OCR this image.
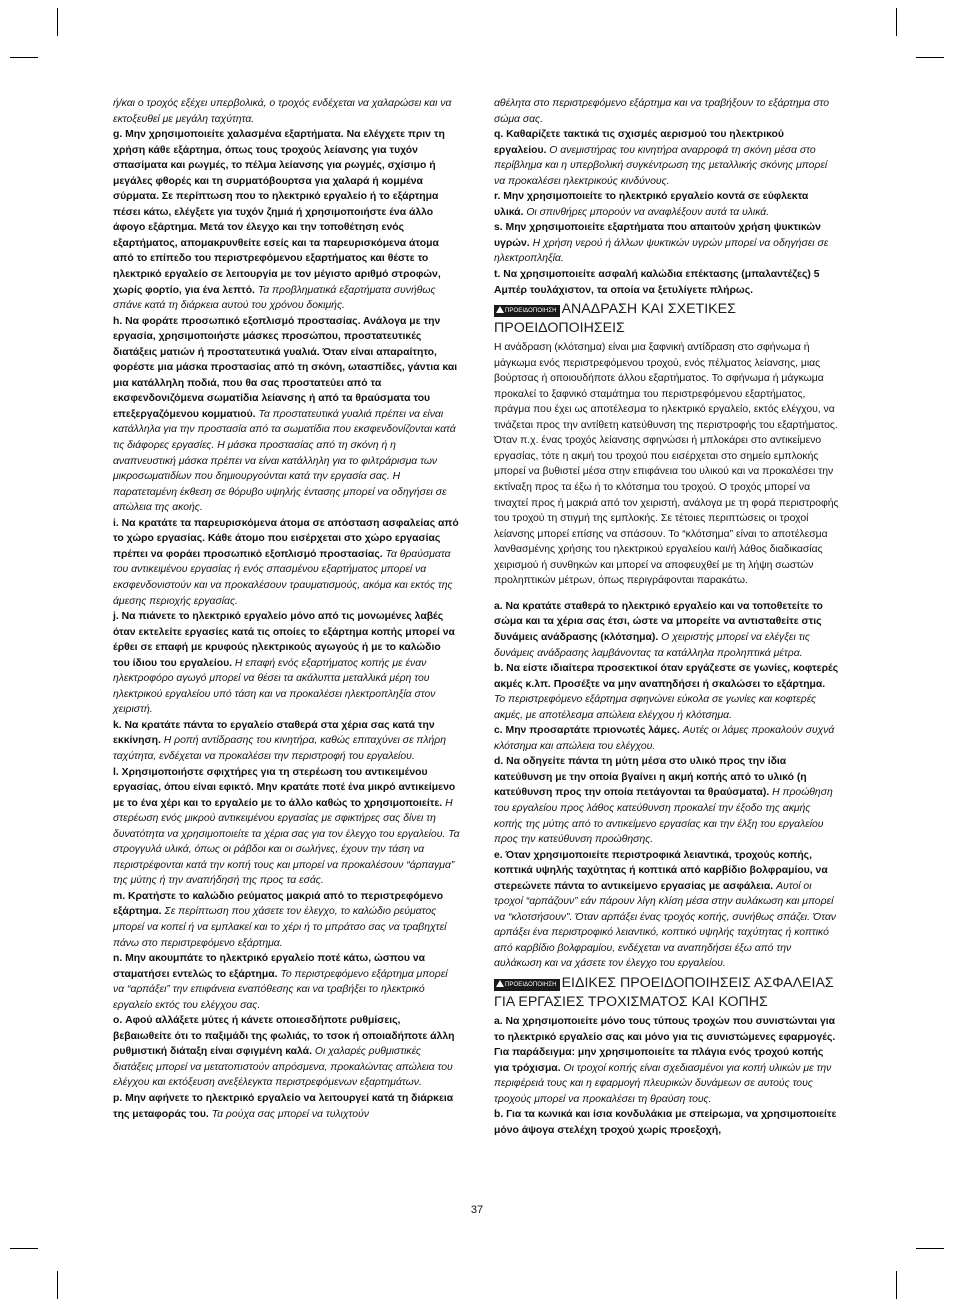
ή/και ο τροχός εξέχει υπερβολικά, ο τροχός ενδέχεται να χαλαρώσει και να εκτοξευθεί με μεγάλη ταχύτητα.

g. Μην χρησιμοποιείτε χαλασμένα εξαρτήματα. Να ελέγχετε πριν τη χρήση κάθε εξάρτημα, όπως τους τροχούς λείανσης για τυχόν σπασίματα και ρωγμές, το πέλμα λείανσης για ρωγμές, σχίσιμο ή μεγάλες φθορές και τη συρματόβουρτσα για χαλαρά ή κομμένα σύρματα. Σε περίπτωση που το ηλεκτρικό εργαλείο ή το εξάρτημα πέσει κάτω, ελέγξετε για τυχόν ζημιά ή χρησιμοποιήστε ένα άλλο άφογο εξάρτημα. Μετά τον έλεγχο και την τοποθέτηση ενός εξαρτήματος, απομακρυνθείτε εσείς και τα παρευρισκόμενα άτομα από το επίπεδο του περιστρεφόμενου εξαρτήματος και θέστε το ηλεκτρικό εργαλείο σε λειτουργία με τον μέγιστο αριθμό στροφών, χωρίς φορτίο, για ένα λεπτό. Τα προβληματικά εξαρτήματα συνήθως σπάνε κατά τη διάρκεια αυτού του χρόνου δοκιμής.

h. Να φοράτε προσωπικό εξοπλισμό προστασίας. Ανάλογα με την εργασία, χρησιμοποιήστε μάσκες προσώπου, προστατευτικές διατάξεις ματιών ή προστατευτικά γυαλιά. Όταν είναι απαραίτητο, φορέστε μια μάσκα προστασίας από τη σκόνη, ωτασπίδες, γάντια και μια κατάλληλη ποδιά, που θα σας προστατεύει από τα εκσφενδονιζόμενα σωματίδια λείανσης ή από τα θραύσματα του επεξεργαζόμενου κομματιού. Τα προστατευτικά γυαλιά πρέπει να είναι κατάλληλα για την προστασία από τα σωματίδια που εκσφενδονίζονται κατά τις διάφορες εργασίες. Η μάσκα προστασίας από τη σκόνη ή η αναπνευστική μάσκα πρέπει να είναι κατάλληλη για το φιλτράρισμα των μικροσωματιδίων που δημιουργούνται κατά την εργασία σας. Η παρατεταμένη έκθεση σε θόρυβο υψηλής έντασης μπορεί να οδηγήσει σε απώλεια της ακοής.

i. Να κρατάτε τα παρευρισκόμενα άτομα σε απόσταση ασφαλείας από το χώρο εργασίας. Κάθε άτομο που εισέρχεται στο χώρο εργασίας πρέπει να φοράει προσωπικό εξοπλισμό προστασίας. Τα θραύσματα του αντικειμένου εργασίας ή ενός σπασμένου εξαρτήματος μπορεί να εκσφενδονιστούν και να προκαλέσουν τραυματισμούς, ακόμα και εκτός της άμεσης περιοχής εργασίας.

j. Να πιάνετε το ηλεκτρικό εργαλείο μόνο από τις μονωμένες λαβές όταν εκτελείτε εργασίες κατά τις οποίες το εξάρτημα κοπής μπορεί να έρθει σε επαφή με κρυφούς ηλεκτρικούς αγωγούς ή με το καλώδιο του ίδιου του εργαλείου. Η επαφή ενός εξαρτήματος κοπής με έναν ηλεκτροφόρο αγωγό μπορεί να θέσει τα ακάλυπτα μεταλλικά μέρη του ηλεκτρικού εργαλείου υπό τάση και να προκαλέσει ηλεκτροπληξία στον χειριστή.

k. Να κρατάτε πάντα το εργαλείο σταθερά στα χέρια σας κατά την εκκίνηση. Η ροπή αντίδρασης του κινητήρα, καθώς επιταχύνει σε πλήρη ταχύτητα, ενδέχεται να προκαλέσει την περιστροφή του εργαλείου.

l. Χρησιμοποιήστε σφιχτήρες για τη στερέωση του αντικειμένου εργασίας, όπου είναι εφικτό. Μην κρατάτε ποτέ ένα μικρό αντικείμενο με το ένα χέρι και το εργαλείο με το άλλο καθώς το χρησιμοποιείτε. Η στερέωση ενός μικρού αντικειμένου εργασίας με σφικτήρες σας δίνει τη δυνατότητα να χρησιμοποιείτε τα χέρια σας για τον έλεγχο του εργαλείου. Τα στρογγυλά υλικά, όπως οι ράβδοι και οι σωλήνες, έχουν την τάση να περιστρέφονται κατά την κοπή τους και μπορεί να προκαλέσουν “άρπαγμα” της μύτης ή την αναπήδησή της προς τα εσάς.

m. Κρατήστε το καλώδιο ρεύματος μακριά από το περιστρεφόμενο εξάρτημα. Σε περίπτωση που χάσετε τον έλεγχο, το καλώδιο ρεύματος μπορεί να κοπεί ή να εμπλακεί και το χέρι ή το μπράτσο σας να τραβηχτεί πάνω στο περιστρεφόμενο εξάρτημα.

n. Μην ακουμπάτε το ηλεκτρικό εργαλείο ποτέ κάτω, ώσπου να σταματήσει εντελώς το εξάρτημα. Το περιστρεφόμενο εξάρτημα μπορεί να “αρπάξει” την επιφάνεια εναπόθεσης και να τραβήξει το ηλεκτρικό εργαλείο εκτός του ελέγχου σας.

o. Αφού αλλάξετε μύτες ή κάνετε οποιεσδήποτε ρυθμίσεις, βεβαιωθείτε ότι το παξιμάδι της φωλιάς, το τσοκ ή οποιαδήποτε άλλη ρυθμιστική διάταξη είναι σφιγμένη καλά. Οι χαλαρές ρυθμιστικές διατάξεις μπορεί να μετατοπιστούν απρόσμενα, προκαλώντας απώλεια του ελέγχου και εκτόξευση ανεξέλεγκτα περιστρεφόμενων εξαρτημάτων.

p. Μην αφήνετε το ηλεκτρικό εργαλείο να λειτουργεί κατά τη διάρκεια της μεταφοράς του. Τα ρούχα σας μπορεί να τυλιχτούν

αθέλητα στο περιστρεφόμενο εξάρτημα και να τραβήξουν το εξάρτημα στο σώμα σας.

q. Καθαρίζετε τακτικά τις σχισμές αερισμού του ηλεκτρικού εργαλείου. Ο ανεμιστήρας του κινητήρα αναρροφά τη σκόνη μέσα στο περίβλημα και η υπερβολική συγκέντρωση της μεταλλικής σκόνης μπορεί να προκαλέσει ηλεκτρικούς κινδύνους.

r. Μην χρησιμοποιείτε το ηλεκτρικό εργαλείο κοντά σε εύφλεκτα υλικά. Οι σπινθήρες μπορούν να αναφλέξουν αυτά τα υλικά.

s. Μην χρησιμοποιείτε εξαρτήματα που απαιτούν χρήση ψυκτικών υγρών. Η χρήση νερού ή άλλων ψυκτικών υγρών μπορεί να οδηγήσει σε ηλεκτροπληξία.

t. Να χρησιμοποιείτε ασφαλή καλώδια επέκτασης (μπαλαντέζες) 5 Αμπέρ τουλάχιστον, τα οποία να ξετυλίγετε πλήρως.

ΠΡΟΕΙΔΟΠΟΙΗΣΗ ΑΝΑΔΡΑΣΗ ΚΑΙ ΣΧΕΤΙΚΕΣ
ΠΡΟΕΙΔΟΠΟΙΗΣΕΙΣ

Η ανάδραση (κλότσημα) είναι μια ξαφνική αντίδραση στο σφήνωμα ή μάγκωμα ενός περιστρεφόμενου τροχού, ενός πέλματος λείανσης, μιας βούρτσας ή οποιουδήποτε άλλου εξαρτήματος. Το σφήνωμα ή μάγκωμα προκαλεί το ξαφνικό σταμάτημα του περιστρεφόμενου εξαρτήματος, πράγμα που έχει ως αποτέλεσμα το ηλεκτρικό εργαλείο, εκτός ελέγχου, να τινάζεται προς την αντίθετη κατεύθυνση της περιστροφής του εξαρτήματος. Όταν π.χ. ένας τροχός λείανσης σφηνώσει ή μπλοκάρει στο αντικείμενο εργασίας, τότε η ακμή του τροχού που εισέρχεται στο σημείο εμπλοκής μπορεί να βυθιστεί μέσα στην επιφάνεια του υλικού και να προκαλέσει την εκτίναξη προς τα έξω ή το κλότσημα του τροχού. Ο τροχός μπορεί να τιναχτεί προς ή μακριά από τον χειριστή, ανάλογα με τη φορά περιστροφής του τροχού τη στιγμή της εμπλοκής. Σε τέτοιες περιπτώσεις οι τροχοί λείανσης μπορεί επίσης να σπάσουν. Το “κλότσημα” είναι το αποτέλεσμα λανθασμένης χρήσης του ηλεκτρικού εργαλείου και/ή λάθος διαδικασίας χειρισμού ή συνθηκών και μπορεί να αποφευχθεί με τη λήψη σωστών προληπτικών μέτρων, όπως περιγράφονται παρακάτω.

a. Να κρατάτε σταθερά το ηλεκτρικό εργαλείο και να τοποθετείτε το σώμα και τα χέρια σας έτσι, ώστε να μπορείτε να αντισταθείτε στις δυνάμεις ανάδρασης (κλότσημα). Ο χειριστής μπορεί να ελέγξει τις δυνάμεις ανάδρασης λαμβάνοντας τα κατάλληλα προληπτικά μέτρα.

b. Να είστε ιδιαίτερα προσεκτικοί όταν εργάζεστε σε γωνίες, κοφτερές ακμές κ.λπ. Προσέξτε να μην αναπηδήσει ή σκαλώσει το εξάρτημα. Το περιστρεφόμενο εξάρτημα σφηνώνει εύκολα σε γωνίες και κοφτερές ακμές, με αποτέλεσμα απώλεια ελέγχου ή κλότσημα.

c. Μην προσαρτάτε πριονωτές λάμες. Αυτές οι λάμες προκαλούν συχνά κλότσημα και απώλεια του ελέγχου.

d. Να οδηγείτε πάντα τη μύτη μέσα στο υλικό προς την ίδια κατεύθυνση με την οποία βγαίνει η ακμή κοπής από το υλικό (η κατεύθυνση προς την οποία πετάγονται τα θραύσματα). Η προώθηση του εργαλείου προς λάθος κατεύθυνση προκαλεί την έξοδο της ακμής κοπής της μύτης από το αντικείμενο εργασίας και την έλξη του εργαλείου προς την κατεύθυνση προώθησης.

e. Όταν χρησιμοποιείτε περιστροφικά λειαντικά, τροχούς κοπής, κοπτικά υψηλής ταχύτητας ή κοπτικά από καρβίδιο βολφραμίου, να στερεώνετε πάντα το αντικείμενο εργασίας με ασφάλεια. Αυτοί οι τροχοί “αρπάζουν” εάν πάρουν λίγη κλίση μέσα στην αυλάκωση και μπορεί να “κλοτσήσουν”. Όταν αρπάξει ένας τροχός κοπής, συνήθως σπάζει. Όταν αρπάξει ένα περιστροφικό λειαντικό, κοπτικό υψηλής ταχύτητας ή κοπτικό από καρβίδιο βολφραμίου, ενδέχεται να αναπηδήσει έξω από την αυλάκωση και να χάσετε τον έλεγχο του εργαλείου.

ΠΡΟΕΙΔΟΠΟΙΗΣΗ ΕΙΔΙΚΕΣ ΠΡΟΕΙΔΟΠΟΙΗΣΕΙΣ ΑΣΦΑΛΕΙΑΣ
ΓΙΑ ΕΡΓΑΣΙΕΣ ΤΡΟΧΙΣΜΑΤΟΣ ΚΑΙ ΚΟΠΗΣ

a. Να χρησιμοποιείτε μόνο τους τύπους τροχών που συνιστώνται για το ηλεκτρικό εργαλείο σας και μόνο για τις συνιστώμενες εφαρμογές. Για παράδειγμα: μην χρησιμοποιείτε τα πλάγια ενός τροχού κοπής για τρόχισμα. Οι τροχοί κοπής είναι σχεδιασμένοι για κοπή υλικών με την περιφέρειά τους και η εφαρμογή πλευρικών δυνάμεων σε αυτούς τους τροχούς μπορεί να προκαλέσει τη θραύση τους.

b. Για τα κωνικά και ίσια κονδυλάκια με σπείρωμα, να χρησιμοποιείτε μόνο άψογα στελέχη τροχού χωρίς προεξοχή,

37
